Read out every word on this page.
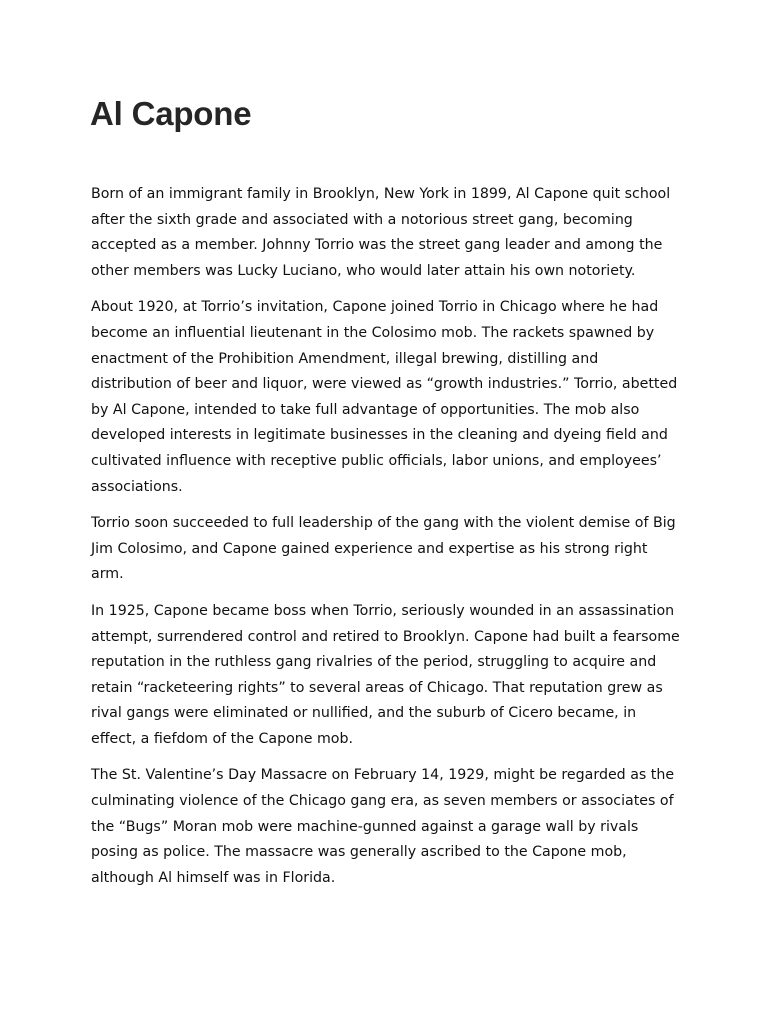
Al Capone

Born of an immigrant family in Brooklyn, New York in 1899, Al Capone quit school after the sixth grade and associated with a notorious street gang, becoming accepted as a member. Johnny Torrio was the street gang leader and among the other members was Lucky Luciano, who would later attain his own notoriety.

About 1920, at Torrio’s invitation, Capone joined Torrio in Chicago where he had become an influential lieutenant in the Colosimo mob. The rackets spawned by enactment of the Prohibition Amendment, illegal brewing, distilling and distribution of beer and liquor, were viewed as “growth industries.” Torrio, abetted by Al Capone, intended to take full advantage of opportunities. The mob also developed interests in legitimate businesses in the cleaning and dyeing field and cultivated influence with receptive public officials, labor unions, and employees’ associations.

Torrio soon succeeded to full leadership of the gang with the violent demise of Big Jim Colosimo, and Capone gained experience and expertise as his strong right arm.

In 1925, Capone became boss when Torrio, seriously wounded in an assassination attempt, surrendered control and retired to Brooklyn. Capone had built a fearsome reputation in the ruthless gang rivalries of the period, struggling to acquire and retain “racketeering rights” to several areas of Chicago. That reputation grew as rival gangs were eliminated or nullified, and the suburb of Cicero became, in effect, a fiefdom of the Capone mob.

The St. Valentine’s Day Massacre on February 14, 1929, might be regarded as the culminating violence of the Chicago gang era, as seven members or associates of the “Bugs” Moran mob were machine-gunned against a garage wall by rivals posing as police. The massacre was generally ascribed to the Capone mob, although Al himself was in Florida.
